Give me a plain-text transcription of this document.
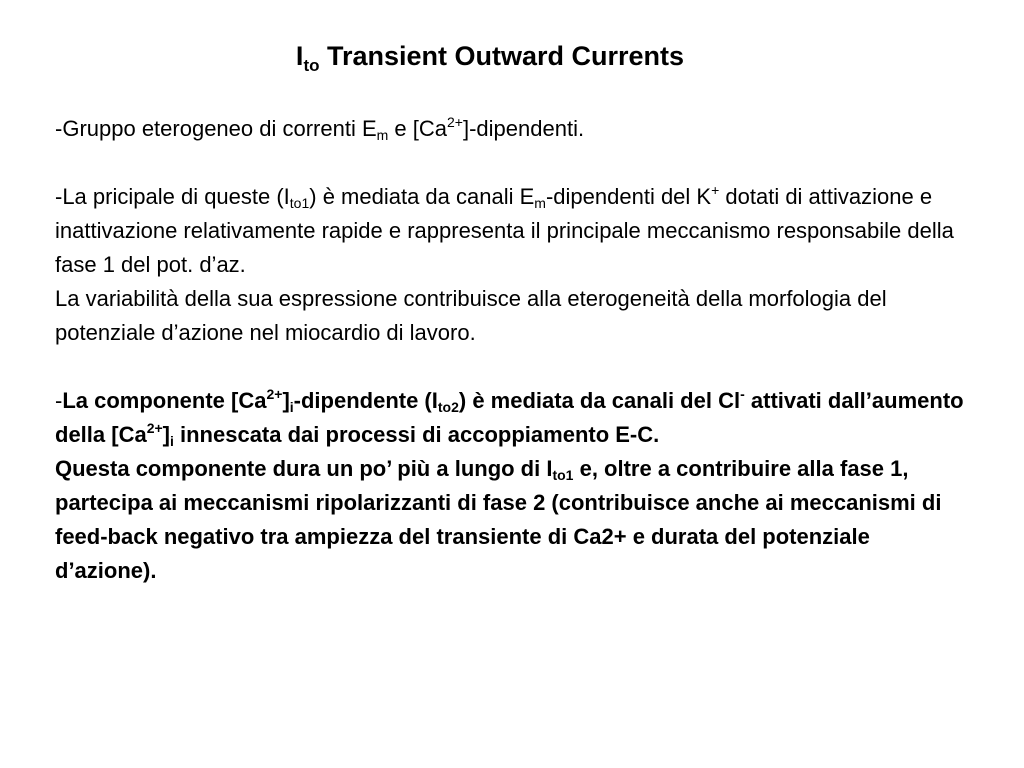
$I_{to}$ Transient Outward Currents

-Gruppo eterogeneo di correnti $E_m$ e $[Ca^{2+}]$-dipendenti.

-La pricipale di queste $(I_{to1})$ è mediata da canali $E_m$-dipendenti del K+ dotati di attivazione e inattivazione relativamente rapide e rappresenta il principale meccanismo responsabile della fase 1 del pot. d’az.

La variabilità della sua espressione contribuisce alla eterogeneità della morfologia del potenziale d’azione nel miocardio di lavoro.

-La componente $[Ca^{2+}]_i$-dipendente $(I_{to2})$ è mediata da canali del Cl- attivati dall’aumento della $[Ca^{2+}]_i$ innescata dai processi di accoppiamento E-C.

Questa componente dura un po’ più a lungo di $I_{to1}$ e, oltre a contribuire alla fase 1, partecipa ai meccanismi ripolarizzanti di fase 2 (contribuisce anche ai meccanismi di feed-back negativo tra ampiezza del transiente di Ca2+ e durata del potenziale d’azione).
